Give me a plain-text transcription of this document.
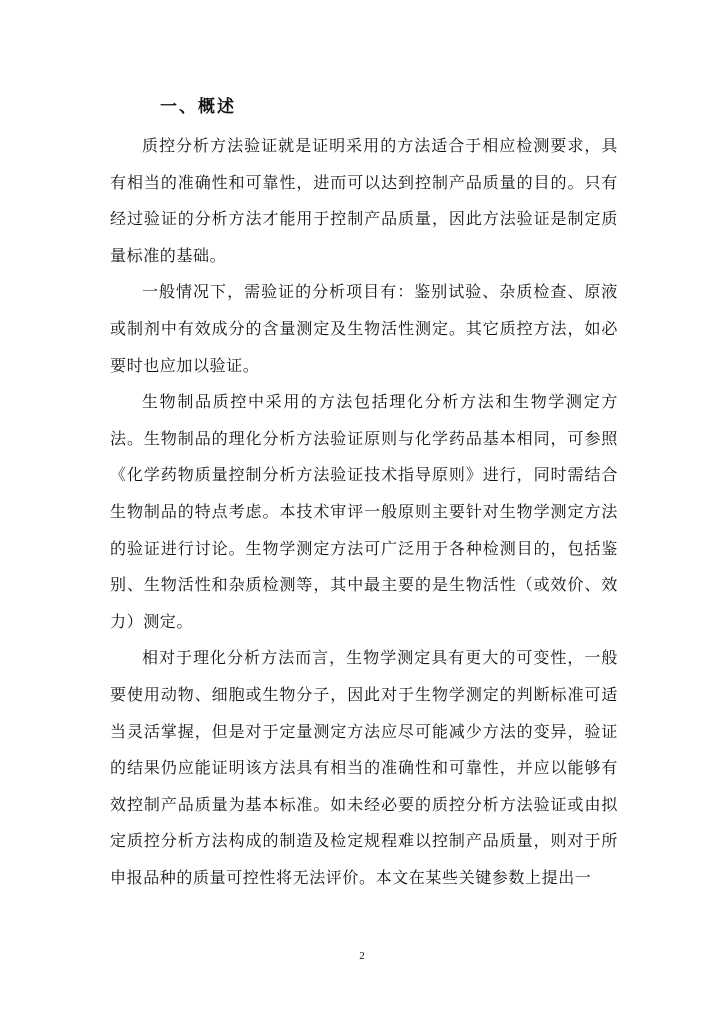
一、概述

质控分析方法验证就是证明采用的方法适合于相应检测要求，具有相当的准确性和可靠性，进而可以达到控制产品质量的目的。只有经过验证的分析方法才能用于控制产品质量，因此方法验证是制定质量标准的基础。

一般情况下，需验证的分析项目有：鉴别试验、杂质检查、原液或制剂中有效成分的含量测定及生物活性测定。其它质控方法，如必要时也应加以验证。

生物制品质控中采用的方法包括理化分析方法和生物学测定方法。生物制品的理化分析方法验证原则与化学药品基本相同，可参照《化学药物质量控制分析方法验证技术指导原则》进行，同时需结合生物制品的特点考虑。本技术审评一般原则主要针对生物学测定方法的验证进行讨论。生物学测定方法可广泛用于各种检测目的，包括鉴别、生物活性和杂质检测等，其中最主要的是生物活性（或效价、效力）测定。

相对于理化分析方法而言，生物学测定具有更大的可变性，一般要使用动物、细胞或生物分子，因此对于生物学测定的判断标准可适当灵活掌握，但是对于定量测定方法应尽可能减少方法的变异，验证的结果仍应能证明该方法具有相当的准确性和可靠性，并应以能够有效控制产品质量为基本标准。如未经必要的质控分析方法验证或由拟定质控分析方法构成的制造及检定规程难以控制产品质量，则对于所申报品种的质量可控性将无法评价。本文在某些关键参数上提出一

2
